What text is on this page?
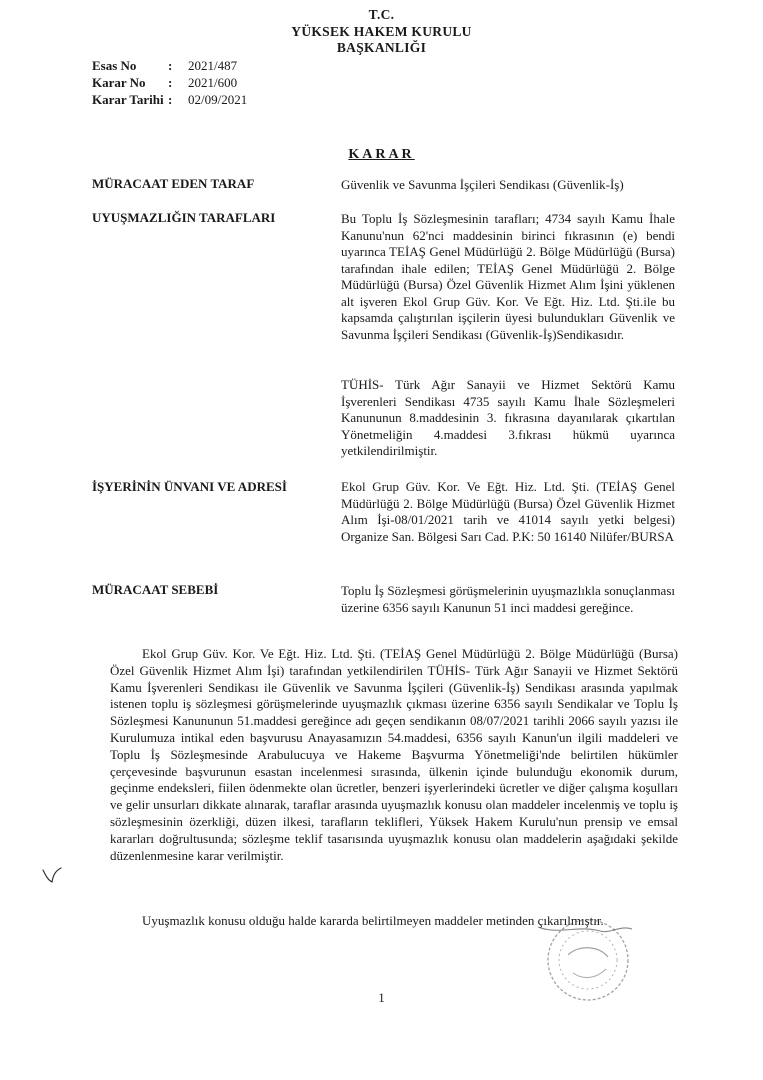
T.C.
YÜKSEK HAKEM KURULU
BAŞKANLIĞI
Esas No	:	2021/487
Karar No	:	2021/600
Karar Tarihi :	02/09/2021
KARAR
MÜRACAAT EDEN TARAF	Güvenlik ve Savunma İşçileri Sendikası (Güvenlik-İş)
UYUŞMAZLIĞIN TARAFLARI	Bu Toplu İş Sözleşmesinin tarafları; 4734 sayılı Kamu İhale Kanunu'nun 62'nci maddesinin birinci fıkrasının (e) bendi uyarınca TEİAŞ Genel Müdürlüğü 2. Bölge Müdürlüğü (Bursa) tarafından ihale edilen; TEİAŞ Genel Müdürlüğü 2. Bölge Müdürlüğü (Bursa) Özel Güvenlik Hizmet Alım İşini yüklenen alt işveren Ekol Grup Güv. Kor. Ve Eğt. Hiz. Ltd. Şti.ile bu kapsamda çalıştırılan işçilerin üyesi bulundukları Güvenlik ve Savunma İşçileri Sendikası (Güvenlik-İş)Sendikasıdır.
TÜHİS- Türk Ağır Sanayii ve Hizmet Sektörü Kamu İşverenleri Sendikası 4735 sayılı Kamu İhale Sözleşmeleri Kanununun 8.maddesinin 3. fıkrasına dayanılarak çıkartılan Yönetmeliğin 4.maddesi 3.fıkrası hükmü uyarınca yetkilendirilmiştir.
İŞYERİNİN ÜNVANI VE ADRESİ	Ekol Grup Güv. Kor. Ve Eğt. Hiz. Ltd. Şti. (TEİAŞ Genel Müdürlüğü 2. Bölge Müdürlüğü (Bursa) Özel Güvenlik Hizmet Alım İşi-08/01/2021 tarih ve 41014 sayılı yetki belgesi) Organize San. Bölgesi Sarı Cad. P.K: 50 16140 Nilüfer/BURSA
MÜRACAAT SEBEBİ	Toplu İş Sözleşmesi görüşmelerinin uyuşmazlıkla sonuçlanması üzerine 6356 sayılı Kanunun 51 inci maddesi gereğince.

Ekol Grup Güv. Kor. Ve Eğt. Hiz. Ltd. Şti. (TEİAŞ Genel Müdürlüğü 2. Bölge Müdürlüğü (Bursa) Özel Güvenlik Hizmet Alım İşi) tarafından yetkilendirilen TÜHİS- Türk Ağır Sanayii ve Hizmet Sektörü Kamu İşverenleri Sendikası ile Güvenlik ve Savunma İşçileri (Güvenlik-İş) Sendikası arasında yapılmak istenen toplu iş sözleşmesi görüşmelerinde uyuşmazlık çıkması üzerine 6356 sayılı Sendikalar ve Toplu İş Sözleşmesi Kanununun 51.maddesi gereğince adı geçen sendikanın 08/07/2021 tarihli 2066 sayılı yazısı ile Kurulumuza intikal eden başvurusu Anayasamızın 54.maddesi, 6356 sayılı Kanun'un ilgili maddeleri ve Toplu İş Sözleşmesinde Arabulucuya ve Hakeme Başvurma Yönetmeliği'nde belirtilen hükümler çerçevesinde başvurunun esastan incelenmesi sırasında, ülkenin içinde bulunduğu ekonomik durum, geçinme endeksleri, fiilen ödenmekte olan ücretler, benzeri işyerlerindeki ücretler ve diğer çalışma koşulları ve gelir unsurları dikkate alınarak, taraflar arasında uyuşmazlık konusu olan maddeler incelenmiş ve toplu iş sözleşmesinin özerkliği, düzen ilkesi, tarafların teklifleri, Yüksek Hakem Kurulu'nun prensip ve emsal kararları doğrultusunda; sözleşme teklif tasarısında uyuşmazlık konusu olan maddelerin aşağıdaki şekilde düzenlenmesine karar verilmiştir.

Uyuşmazlık konusu olduğu halde kararda belirtilmeyen maddeler metinden çıkarılmıştır.

1
